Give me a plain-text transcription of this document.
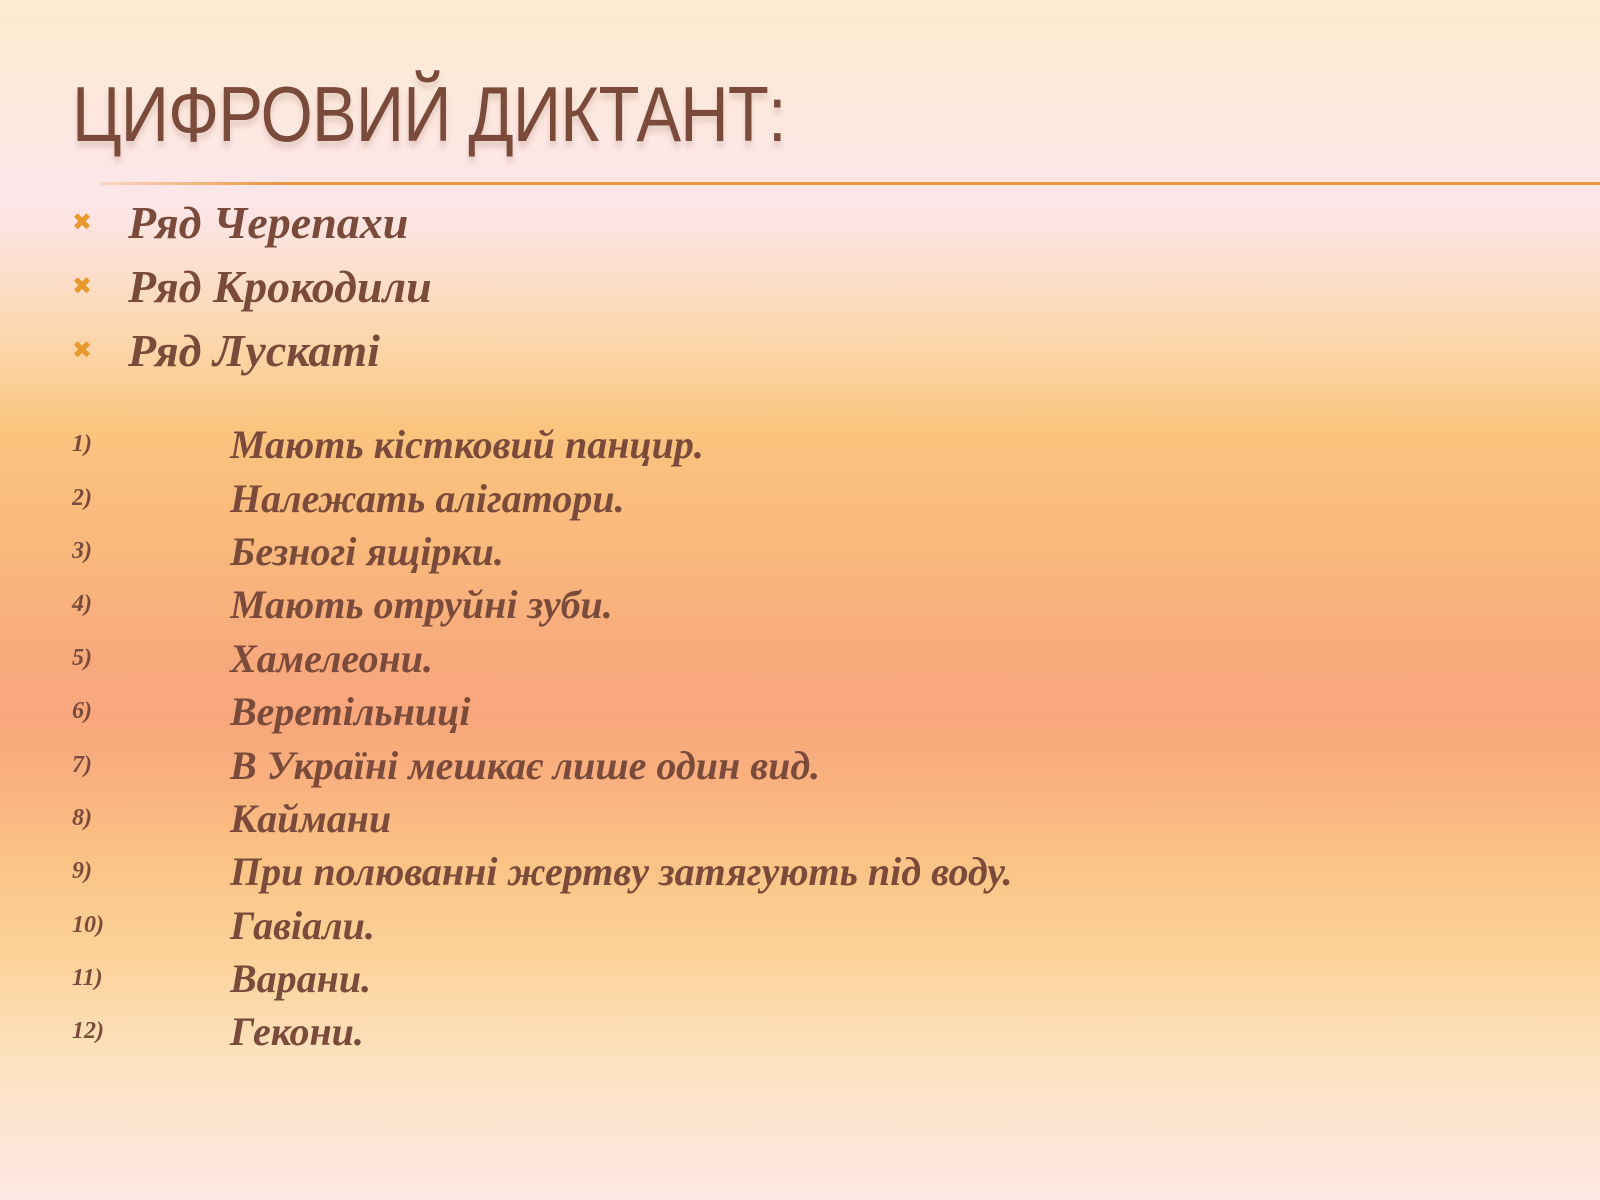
ЦИФРОВИЙ ДИКТАНТ:
✖ Ряд Черепахи
✖ Ряд Крокодили
✖ Ряд Лускаті
1)	Мають кістковий панцир.
2)	Належать алігатори.
3)	Безногі ящірки.
4)	Мають отруйні зуби.
5)	Хамелеони.
6)	Веретільниці
7)	В Україні мешкає лише один вид.
8)	Каймани
9)	При полюванні жертву затягують під воду.
10)	Гавіали.
11)	Варани.
12)	Гекони.
